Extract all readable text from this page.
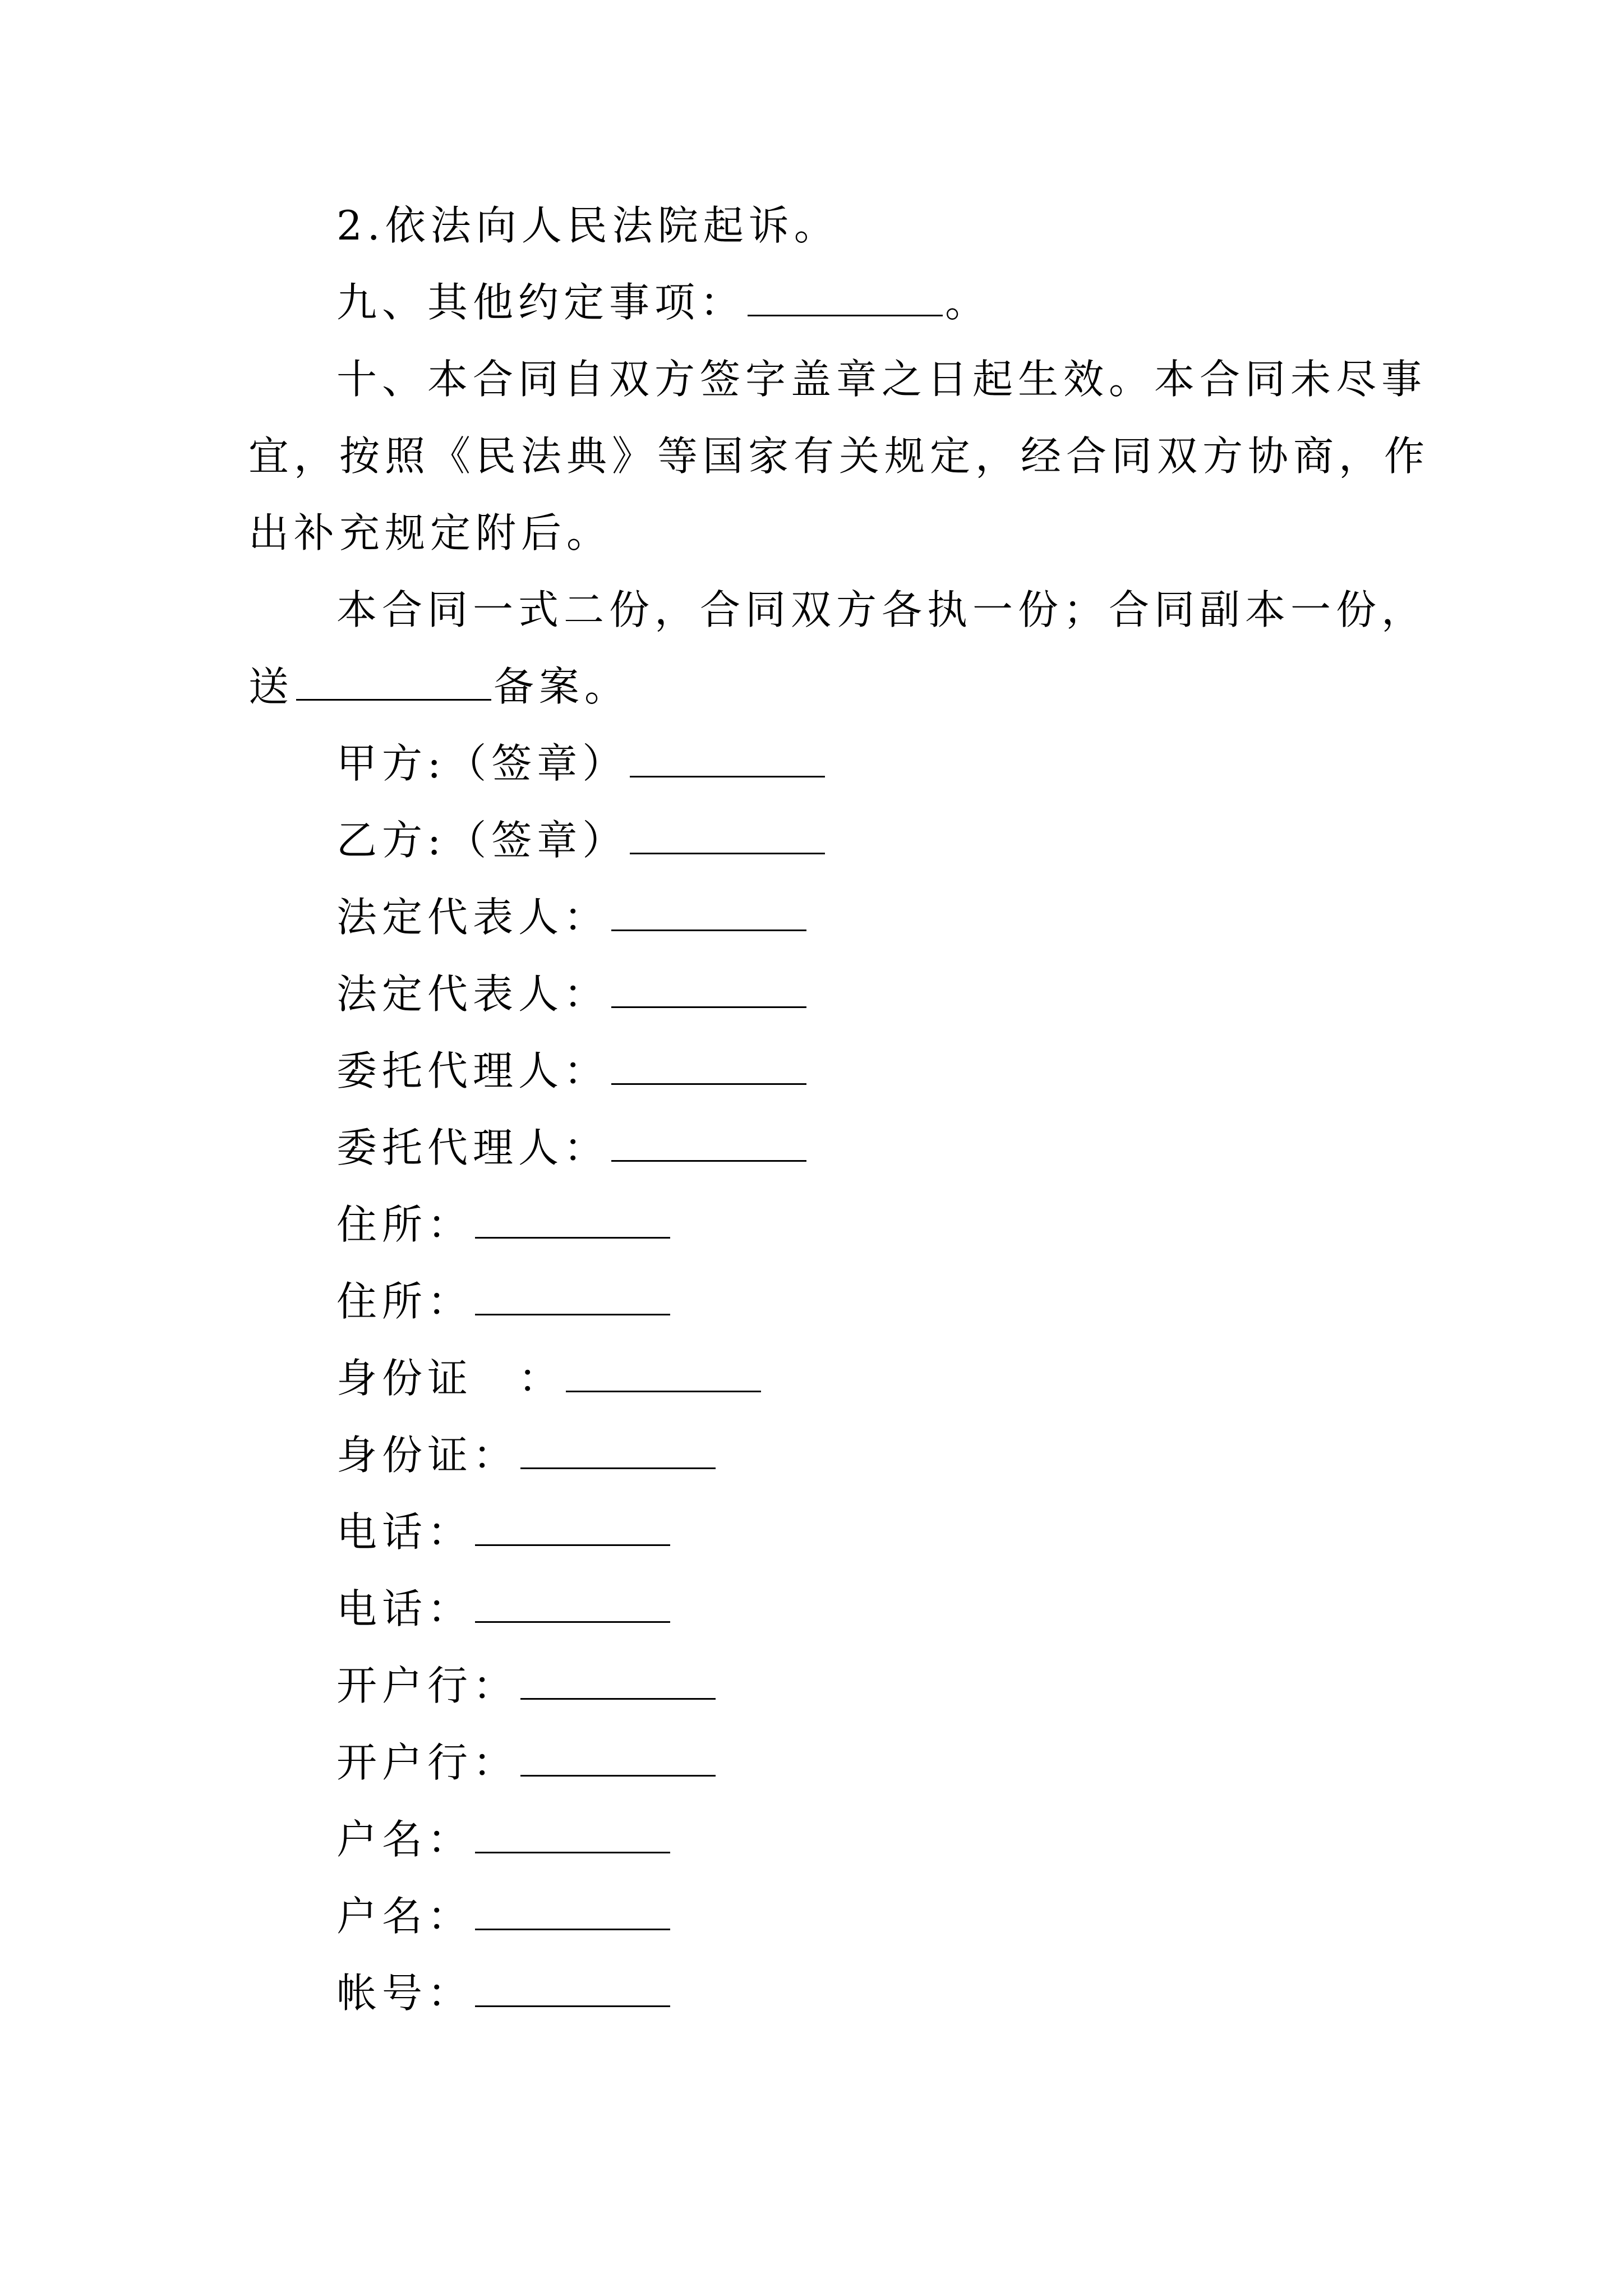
2.依法向人民法院起诉。
九、其他约定事项：	。
十、本合同自双方签字盖章之日起生效。本合同未尽事
宜，按照《民法典》等国家有关规定，经合同双方协商，作
出补充规定附后。
本合同一式二份，合同双方各执一份；合同副本一份，
送	备案。
甲方:（签章）
乙方:（签章）
法定代表人：
法定代表人：
委托代理人：
委托代理人：
住所：
住所：
身份证　：
身份证：
电话：
电话：
开户行：
开户行：
户名：
户名：
帐号：
